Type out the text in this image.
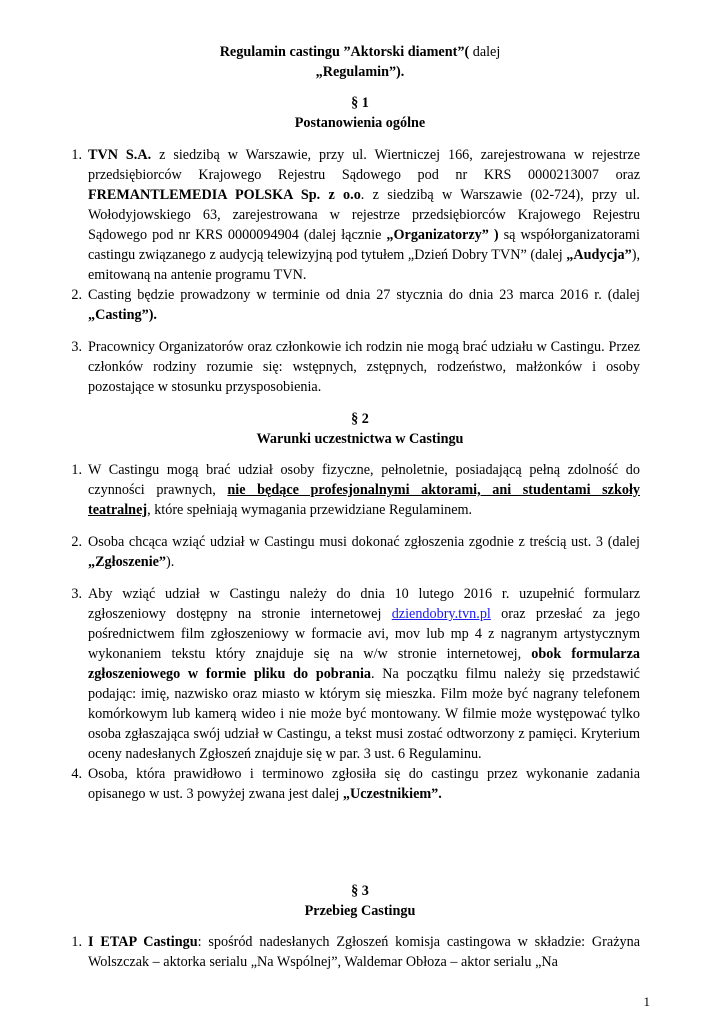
Regulamin castingu ”Aktorski diament”( dalej
„Regulamin”).
§ 1
Postanowienia ogólne
1. TVN S.A. z siedzibą w Warszawie, przy ul. Wiertniczej 166, zarejestrowana w rejestrze przedsiębiorców Krajowego Rejestru Sądowego pod nr KRS 0000213007 oraz FREMANTLEMEDIA POLSKA Sp. z o.o. z siedzibą w Warszawie (02-724), przy ul. Wołodyjowskiego 63, zarejestrowana w rejestrze przedsiębiorców Krajowego Rejestru Sądowego pod nr KRS 0000094904 (dalej łącznie „Organizatorzy” ) są współorganizatorami castingu związanego z audycją telewizyjną pod tytułem „Dzień Dobry TVN” (dalej „Audycja”), emitowaną na antenie programu TVN.
2. Casting będzie prowadzony w terminie od dnia 27 stycznia do dnia 23 marca 2016 r. (dalej „Casting”).
3. Pracownicy Organizatorów oraz członkowie ich rodzin nie mogą brać udziału w Castingu. Przez członków rodziny rozumie się: wstępnych, zstępnych, rodzeństwo, małżonków i osoby pozostające w stosunku przysposobienia.
§ 2
Warunki uczestnictwa w Castingu
1. W Castingu mogą brać udział osoby fizyczne, pełnoletnie, posiadającą pełną zdolność do czynności prawnych, nie będące profesjonalnymi aktorami, ani studentami szkoły teatralnej, które spełniają wymagania przewidziane Regulaminem.
2. Osoba chcąca wziąć udział w Castingu musi dokonać zgłoszenia zgodnie z treścią ust. 3 (dalej „Zgłoszenie”).
3. Aby wziąć udział w Castingu należy do dnia 10 lutego 2016 r. uzupełnić formularz zgłoszeniowy dostępny na stronie internetowej dziendobry.tvn.pl oraz przesłać za jego pośrednictwem film zgłoszeniowy w formacie avi, mov lub mp 4 z nagranym artystycznym wykonaniem tekstu który znajduje się na w/w stronie internetowej, obok formularza zgłoszeniowego w formie pliku do pobrania. Na początku filmu należy się przedstawić podając: imię, nazwisko oraz miasto w którym się mieszka. Film może być nagrany telefonem komórkowym lub kamerą wideo i nie może być montowany. W filmie może występować tylko osoba zgłaszająca swój udział w Castingu, a tekst musi zostać odtworzony z pamięci. Kryterium oceny nadesłanych Zgłoszeń znajduje się w par. 3 ust. 6 Regulaminu.
4. Osoba, która prawidłowo i terminowo zgłosiła się do castingu przez wykonanie zadania opisanego w ust. 3 powyżej zwana jest dalej „Uczestnikiem”.
§ 3
Przebieg Castingu
1. I ETAP Castingu: spośród nadesłanych Zgłoszeń komisja castingowa w składzie: Grażyna Wolszczak – aktorka serialu „Na Wspólnej”, Waldemar Obłoza – aktor serialu „Na
1
